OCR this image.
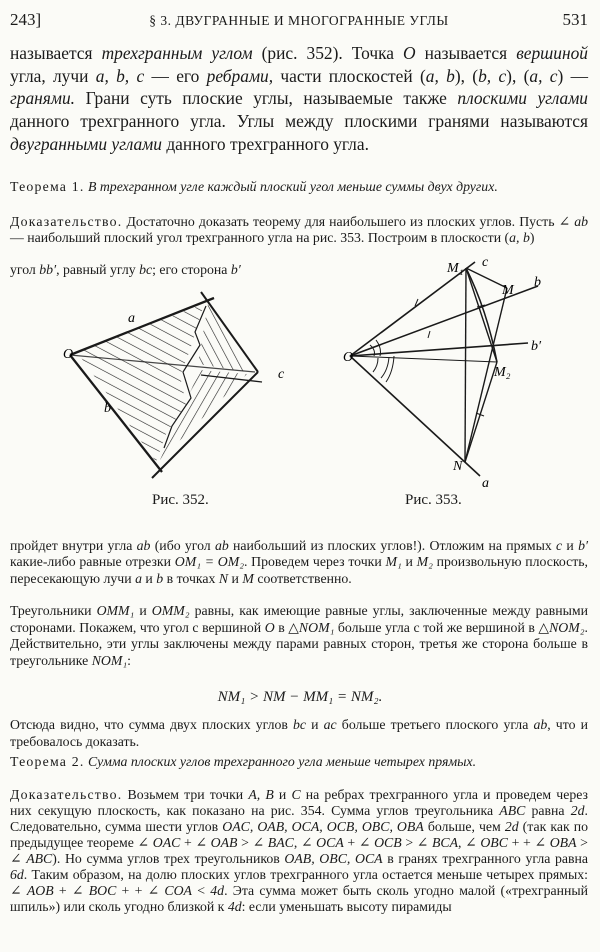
243]	§ 3. ДВУГРАННЫЕ И МНОГОГРАННЫЕ УГЛЫ	531
называется трехгранным углом (рис. 352). Точка O называется вершиной угла, лучи a, b, c — его ребрами, части плоскостей (a, b), (b, c), (a, c) — гранями. Грани суть плоские углы, называемые также плоскими углами данного трехгранного угла. Углы между плоскими гранями называются двугранными углами данного трехгранного угла.
Теорема 1. В трехгранном угле каждый плоский угол меньше суммы двух других.
Доказательство. Достаточно доказать теорему для наибольшего из плоских углов. Пусть ∠ ab — наибольший плоский угол трехгранного угла на рис. 353. Построим в плоскости (a, b)
угол bb′, равный углу bc; его сторона b′
O
a
b
c
Рис. 352.
O
M₁ c
M
b
b′
M₂
N
a
Рис. 353.
пройдет внутри угла ab (ибо угол ab наибольший из плоских углов!). Отложим на прямых c и b′ какие-либо равные отрезки OM₁ = OM₂. Проведем через точки M₁ и M₂ произвольную плоскость, пересекающую лучи a и b в точках N и M соответственно.
Треугольники OMM₁ и OMM₂ равны, как имеющие равные углы, заключенные между равными сторонами. Покажем, что угол с вершиной O в △NOM₁ больше угла с той же вершиной в △NOM₂. Действительно, эти углы заключены между парами равных сторон, третья же сторона больше в треугольнике NOM₁:
NM₁ > NM − MM₁ = NM₂.
Отсюда видно, что сумма двух плоских углов bc и ac больше третьего плоского угла ab, что и требовалось доказать.
Теорема 2. Сумма плоских углов трехгранного угла меньше четырех прямых.
Доказательство. Возьмем три точки A, B и C на ребрах трехгранного угла и проведем через них секущую плоскость, как показано на рис. 354. Сумма углов треугольника ABC равна 2d. Следовательно, сумма шести углов OAC, OAB, OCA, OCB, OBC, OBA больше, чем 2d (так как по предыдущее теореме ∠ OAC + ∠ OAB > ∠ BAC, ∠ OCA + ∠ OCB > ∠ BCA, ∠ OBC + + ∠ OBA > ∠ ABC). Но сумма углов трех треугольников OAB, OBC, OCA в гранях трехгранного угла равна 6d. Таким образом, на долю плоских углов трехгранного угла остается меньше четырех прямых: ∠ AOB + ∠ BOC + + ∠ COA < 4d. Эта сумма может быть сколь угодно малой («трехгранный шпиль») или сколь угодно близкой к 4d: если уменьшать высоту пирамиды
